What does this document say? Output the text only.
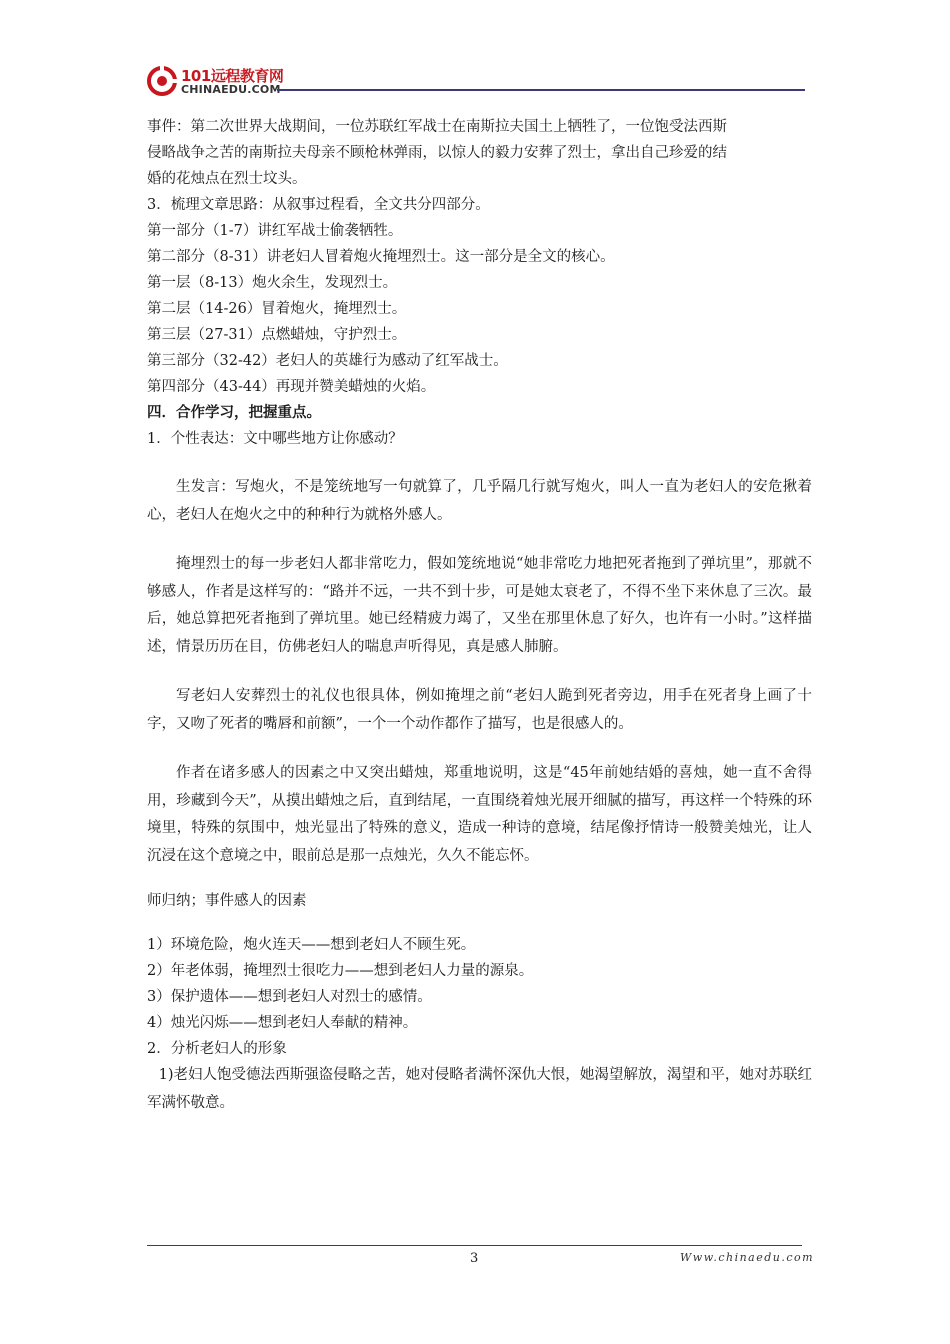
101远程教育网
CHINAEDU.COM
事件：第二次世界大战期间，一位苏联红军战士在南斯拉夫国土上牺牲了，一位饱受法西斯
侵略战争之苦的南斯拉夫母亲不顾枪林弹雨，以惊人的毅力安葬了烈士，拿出自己珍爱的结
婚的花烛点在烈士坟头。
3．梳理文章思路：从叙事过程看，全文共分四部分。
第一部分（1-7）讲红军战士偷袭牺牲。
第二部分（8-31）讲老妇人冒着炮火掩埋烈士。这一部分是全文的核心。
第一层（8-13）炮火余生，发现烈士。
第二层（14-26）冒着炮火，掩埋烈士。
第三层（27-31）点燃蜡烛，守护烈士。
第三部分（32-42）老妇人的英雄行为感动了红军战士。
第四部分（43-44）再现并赞美蜡烛的火焰。
四．合作学习，把握重点。
1．个性表达：文中哪些地方让你感动？

生发言：写炮火，不是笼统地写一句就算了，几乎隔几行就写炮火，叫人一直为老妇人的安危揪着心，老妇人在炮火之中的种种行为就格外感人。

掩埋烈士的每一步老妇人都非常吃力，假如笼统地说“她非常吃力地把死者拖到了弹坑里”，那就不够感人，作者是这样写的：“路并不远，一共不到十步，可是她太衰老了，不得不坐下来休息了三次。最后，她总算把死者拖到了弹坑里。她已经精疲力竭了，又坐在那里休息了好久，也许有一小时。”这样描述，情景历历在目，仿佛老妇人的喘息声听得见，真是感人肺腑。

写老妇人安葬烈士的礼仪也很具体，例如掩埋之前“老妇人跪到死者旁边，用手在死者身上画了十字，又吻了死者的嘴唇和前额”，一个一个动作都作了描写，也是很感人的。

作者在诸多感人的因素之中又突出蜡烛，郑重地说明，这是“45年前她结婚的喜烛，她一直不舍得用，珍藏到今天”，从摸出蜡烛之后，直到结尾，一直围绕着烛光展开细腻的描写，再这样一个特殊的环境里，特殊的氛围中，烛光显出了特殊的意义，造成一种诗的意境，结尾像抒情诗一般赞美烛光，让人沉浸在这个意境之中，眼前总是那一点烛光，久久不能忘怀。

师归纳；事件感人的因素
1）环境危险，炮火连天——想到老妇人不顾生死。
2）年老体弱，掩埋烈士很吃力——想到老妇人力量的源泉。
3）保护遗体——想到老妇人对烈士的感情。
4）烛光闪烁——想到老妇人奉献的精神。
2．分析老妇人的形象

1)老妇人饱受德法西斯强盗侵略之苦，她对侵略者满怀深仇大恨，她渴望解放，渴望和平，她对苏联红军满怀敬意。

3	Www.chinaedu.com
